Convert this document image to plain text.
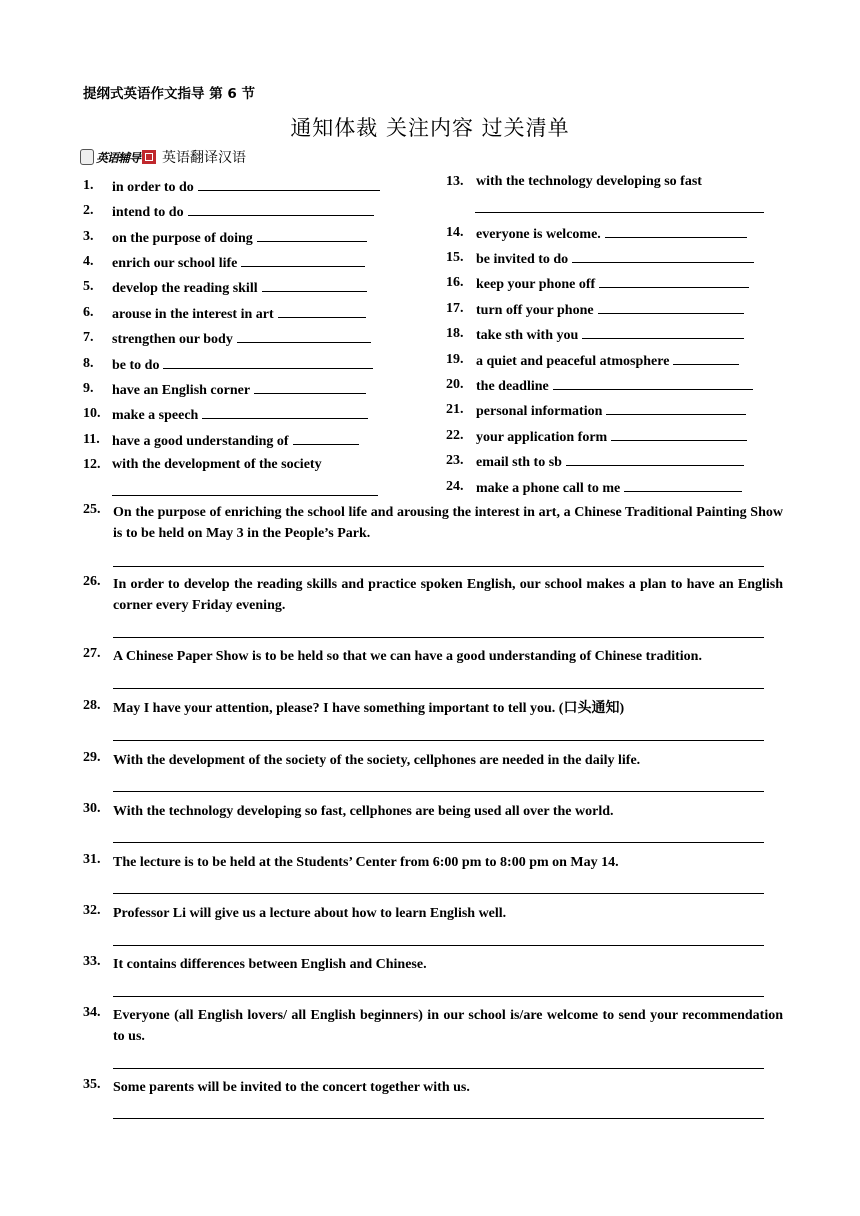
提纲式英语作文指导 第 6 节
通知体裁 关注内容 过关清单
英语辅导 英语翻译汉语
1. in order to do
2. intend to do
3. on the purpose of doing
4. enrich our school life
5. develop the reading skill
6. arouse in the interest in art
7. strengthen our body
8. be to do
9. have an English corner
10. make a speech
11. have a good understanding of
12. with the development of the society
13. with the technology developing so fast
14. everyone is welcome.
15. be invited to do
16. keep your phone off
17. turn off your phone
18. take sth with you
19. a quiet and peaceful atmosphere
20. the deadline
21. personal information
22. your application form
23. email sth to sb
24. make a phone call to me
25. On the purpose of enriching the school life and arousing the interest in art, a Chinese Traditional Painting Show is to be held on May 3 in the People’s Park.
26. In order to develop the reading skills and practice spoken English, our school makes a plan to have an English corner every Friday evening.
27. A Chinese Paper Show is to be held so that we can have a good understanding of Chinese tradition.
28. May I have your attention, please? I have something important to tell you. (口头通知)
29. With the development of the society of the society, cellphones are needed in the daily life.
30. With the technology developing so fast, cellphones are being used all over the world.
31. The lecture is to be held at the Students’ Center from 6:00 pm to 8:00 pm on May 14.
32. Professor Li will give us a lecture about how to learn English well.
33. It contains differences between English and Chinese.
34. Everyone (all English lovers/ all English beginners) in our school is/are welcome to send your recommendation to us.
35. Some parents will be invited to the concert together with us.
